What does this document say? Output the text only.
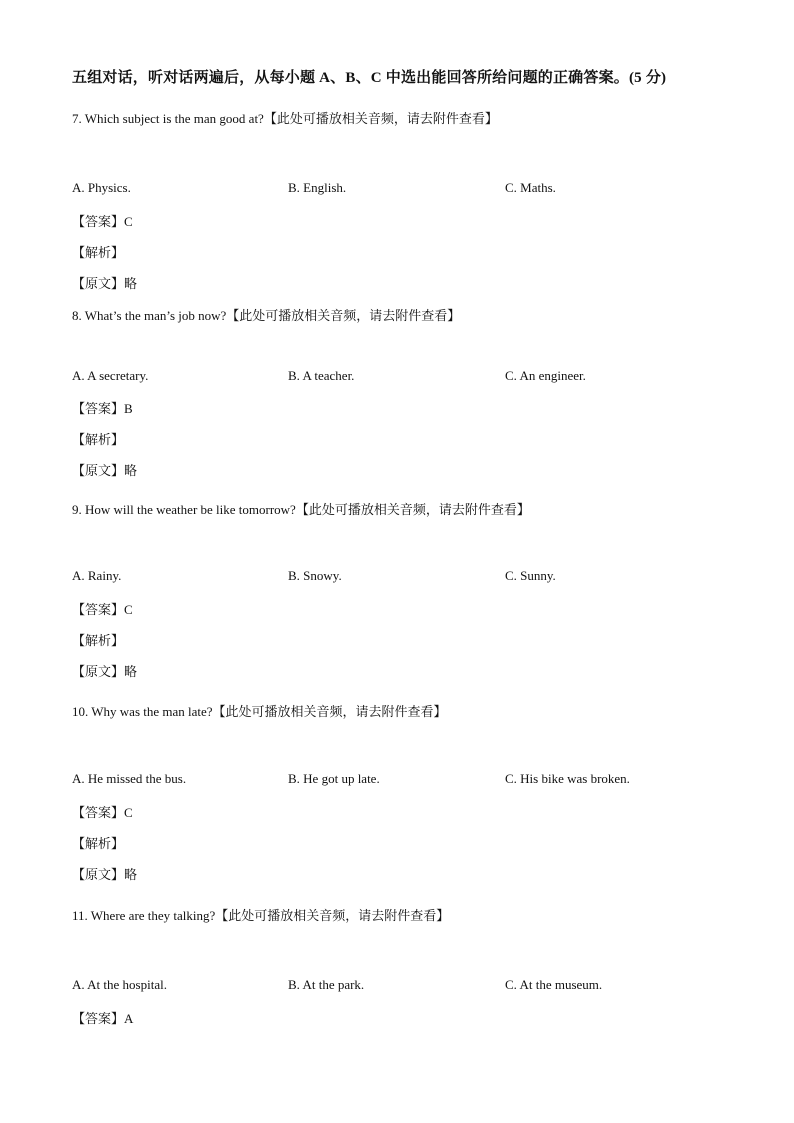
五组对话，听对话两遍后，从每小题 A、B、C 中选出能回答所给问题的正确答案。(5 分)
7. Which subject is the man good at?【此处可播放相关音频，请去附件查看】
A. Physics.	B. English.	C. Maths.
【答案】C
【解析】
【原文】略
8. What’s the man’s job now?【此处可播放相关音频，请去附件查看】
A. A secretary.	B. A teacher.	C. An engineer.
【答案】B
【解析】
【原文】略
9. How will the weather be like tomorrow?【此处可播放相关音频，请去附件查看】
A. Rainy.	B. Snowy.	C. Sunny.
【答案】C
【解析】
【原文】略
10. Why was the man late?【此处可播放相关音频，请去附件查看】
A. He missed the bus.	B. He got up late.	C. His bike was broken.
【答案】C
【解析】
【原文】略
11. Where are they talking?【此处可播放相关音频，请去附件查看】
A. At the hospital.	B. At the park.	C. At the museum.
【答案】A
